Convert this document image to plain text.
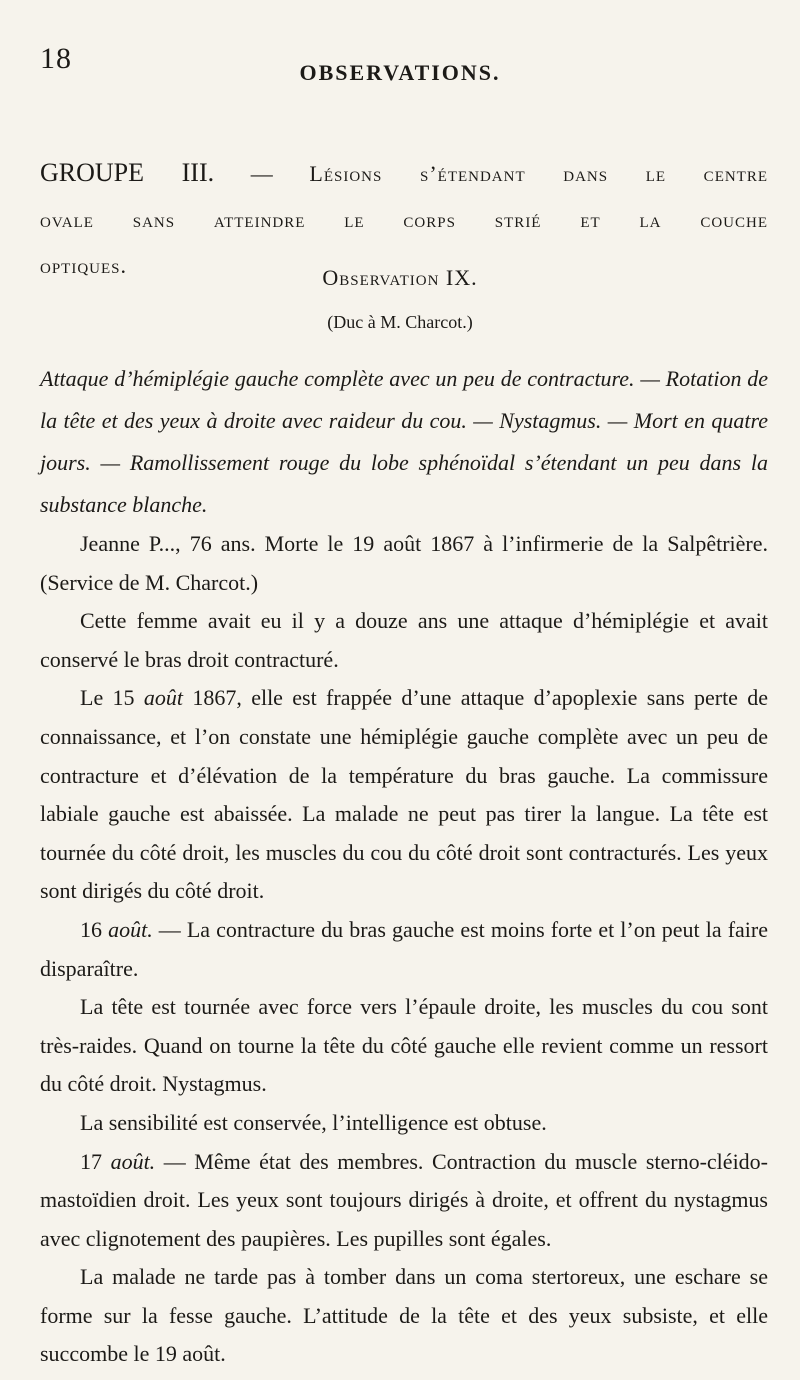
18	OBSERVATIONS.
GROUPE III. — Lésions s’étendant dans le centre
ovale sans atteindre le corps strié et la couche
optiques.	Observation IX.
(Duc à M. Charcot.)
Attaque d’hémiplégie gauche complète avec un peu de contracture. — Rotation de la tête et des yeux à droite avec raideur du cou. — Nystagmus. — Mort en quatre jours. — Ramollissement rouge du lobe sphénoïdal s’étendant un peu dans la substance blanche.

Jeanne P..., 76 ans. Morte le 19 août 1867 à l’infirmerie de la Salpêtrière. (Service de M. Charcot.)

Cette femme avait eu il y a douze ans une attaque d’hémiplégie et avait conservé le bras droit contracturé.

Le 15 août 1867, elle est frappée d’une attaque d’apoplexie sans perte de connaissance, et l’on constate une hémiplégie gauche complète avec un peu de contracture et d’élévation de la température du bras gauche. La commissure labiale gauche est abaissée. La malade ne peut pas tirer la langue. La tête est tournée du côté droit, les muscles du cou du côté droit sont contracturés. Les yeux sont dirigés du côté droit.

16 août. — La contracture du bras gauche est moins forte et l’on peut la faire disparaître.

La tête est tournée avec force vers l’épaule droite, les muscles du cou sont très-raides. Quand on tourne la tête du côté gauche elle revient comme un ressort du côté droit. Nystagmus.

La sensibilité est conservée, l’intelligence est obtuse.

17 août. — Même état des membres. Contraction du muscle sterno-cléido-mastoïdien droit. Les yeux sont toujours dirigés à droite, et offrent du nystagmus avec clignotement des paupières. Les pupilles sont égales.

La malade ne tarde pas à tomber dans un coma stertoreux, une eschare se forme sur la fesse gauche. L’attitude de la tête et des yeux subsiste, et elle succombe le 19 août.
